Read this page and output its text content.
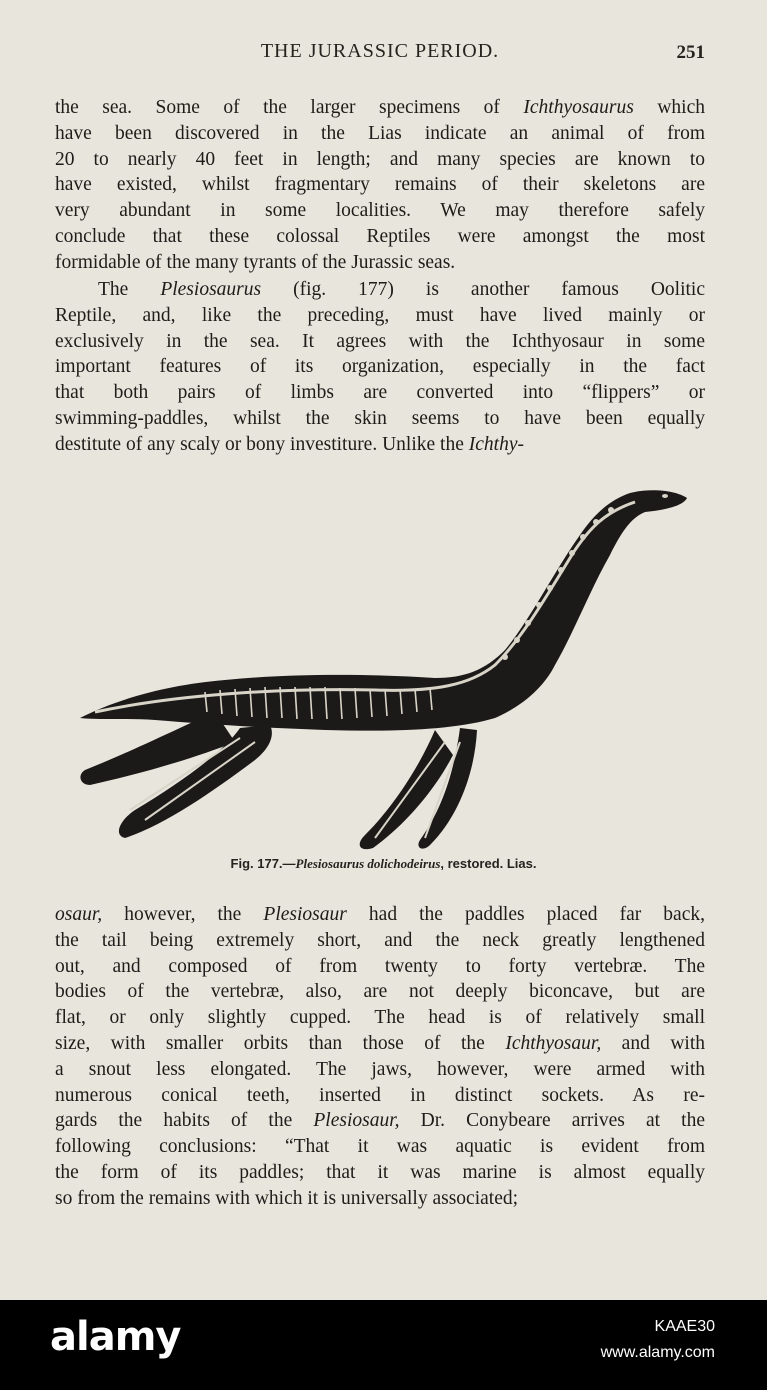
THE JURASSIC PERIOD.	251
the sea. Some of the larger specimens of Ichthyosaurus which
have been discovered in the Lias indicate an animal of from
20 to nearly 40 feet in length; and many species are known to
have existed, whilst fragmentary remains of their skeletons are
very abundant in some localities. We may therefore safely
conclude that these colossal Reptiles were amongst the most
formidable of the many tyrants of the Jurassic seas.
The Plesiosaurus (fig. 177) is another famous Oolitic
Reptile, and, like the preceding, must have lived mainly or
exclusively in the sea. It agrees with the Ichthyosaur in some
important features of its organization, especially in the fact
that both pairs of limbs are converted into “flippers” or
swimming-paddles, whilst the skin seems to have been equally
destitute of any scaly or bony investiture. Unlike the Ichthy-
Fig. 177.—Plesiosaurus dolichodeirus, restored. Lias.
osaur, however, the Plesiosaur had the paddles placed far back,
the tail being extremely short, and the neck greatly lengthened
out, and composed of from twenty to forty vertebræ. The
bodies of the vertebræ, also, are not deeply biconcave, but are
flat, or only slightly cupped. The head is of relatively small
size, with smaller orbits than those of the Ichthyosaur, and with
a snout less elongated. The jaws, however, were armed with
numerous conical teeth, inserted in distinct sockets. As re-
gards the habits of the Plesiosaur, Dr. Conybeare arrives at the
following conclusions: “That it was aquatic is evident from
the form of its paddles; that it was marine is almost equally
so from the remains with which it is universally associated;
alamy	KAAE30
www.alamy.com
